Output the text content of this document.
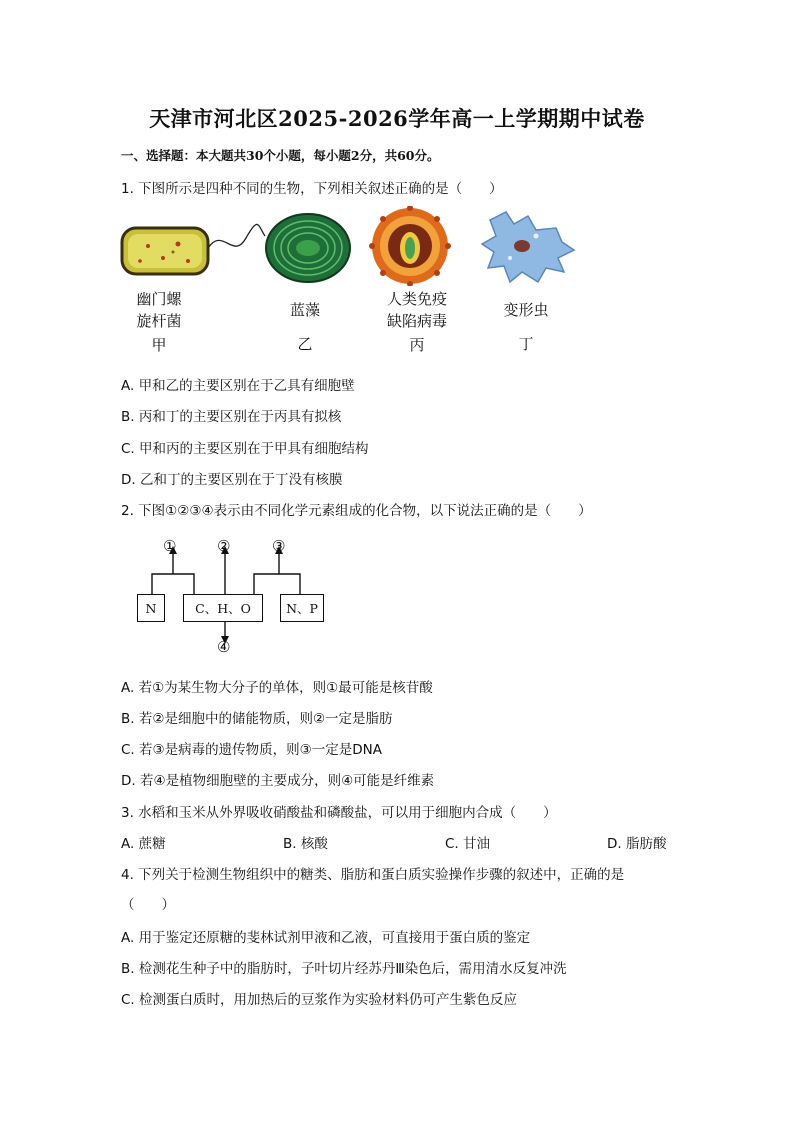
天津市河北区2025-2026学年高一上学期期中试卷
一、选择题：本大题共30个小题，每小题2分，共60分。
1. 下图所示是四种不同的生物，下列相关叙述正确的是（　　）
幽门螺
旋杆菌
甲
蓝藻
乙
人类免疫
缺陷病毒
丙
变形虫
丁
A. 甲和乙的主要区别在于乙具有细胞壁
B. 丙和丁的主要区别在于丙具有拟核
C. 甲和丙的主要区别在于甲具有细胞结构
D. 乙和丁的主要区别在于丁没有核膜
2. 下图①②③④表示由不同化学元素组成的化合物，以下说法正确的是（　　）
N	C、H、O	N、P
①	②	③
④
A. 若①为某生物大分子的单体，则①最可能是核苷酸
B. 若②是细胞中的储能物质，则②一定是脂肪
C. 若③是病毒的遗传物质，则③一定是DNA
D. 若④是植物细胞壁的主要成分，则④可能是纤维素
3. 水稻和玉米从外界吸收硝酸盐和磷酸盐，可以用于细胞内合成（　　）
A. 蔗糖	B. 核酸	C. 甘油	D. 脂肪酸
4. 下列关于检测生物组织中的糖类、脂肪和蛋白质实验操作步骤的叙述中，正确的是
（　　）
A. 用于鉴定还原糖的斐林试剂甲液和乙液，可直接用于蛋白质的鉴定
B. 检测花生种子中的脂肪时，子叶切片经苏丹Ⅲ染色后，需用清水反复冲洗
C. 检测蛋白质时，用加热后的豆浆作为实验材料仍可产生紫色反应
